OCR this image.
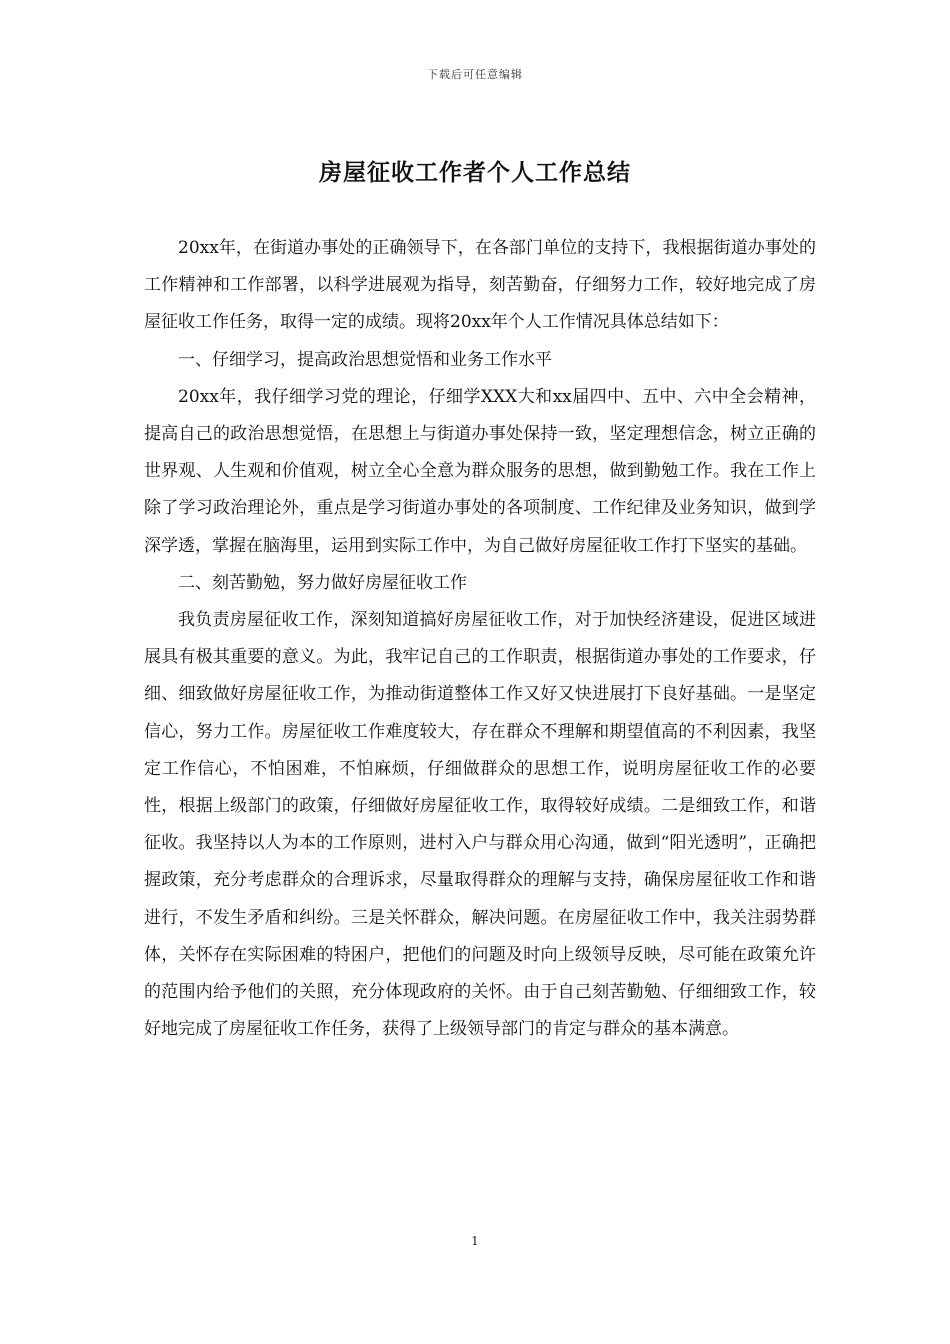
下载后可任意编辑
房屋征收工作者个人工作总结

20xx年，在街道办事处的正确领导下，在各部门单位的支持下，我根据街道办事处的工作精神和工作部署，以科学进展观为指导，刻苦勤奋，仔细努力工作，较好地完成了房屋征收工作任务，取得一定的成绩。现将20xx年个人工作情况具体总结如下：

一、仔细学习，提高政治思想觉悟和业务工作水平

20xx年，我仔细学习党的理论，仔细学XXX大和xx届四中、五中、六中全会精神，提高自己的政治思想觉悟，在思想上与街道办事处保持一致，坚定理想信念，树立正确的世界观、人生观和价值观，树立全心全意为群众服务的思想，做到勤勉工作。我在工作上除了学习政治理论外，重点是学习街道办事处的各项制度、工作纪律及业务知识，做到学深学透，掌握在脑海里，运用到实际工作中，为自己做好房屋征收工作打下坚实的基础。

二、刻苦勤勉，努力做好房屋征收工作

我负责房屋征收工作，深刻知道搞好房屋征收工作，对于加快经济建设，促进区域进展具有极其重要的意义。为此，我牢记自己的工作职责，根据街道办事处的工作要求，仔细、细致做好房屋征收工作，为推动街道整体工作又好又快进展打下良好基础。一是坚定信心，努力工作。房屋征收工作难度较大，存在群众不理解和期望值高的不利因素，我坚定工作信心，不怕困难，不怕麻烦，仔细做群众的思想工作，说明房屋征收工作的必要性，根据上级部门的政策，仔细做好房屋征收工作，取得较好成绩。二是细致工作，和谐征收。我坚持以人为本的工作原则，进村入户与群众用心沟通，做到“阳光透明”，正确把握政策，充分考虑群众的合理诉求，尽量取得群众的理解与支持，确保房屋征收工作和谐进行，不发生矛盾和纠纷。三是关怀群众，解决问题。在房屋征收工作中，我关注弱势群体，关怀存在实际困难的特困户，把他们的问题及时向上级领导反映，尽可能在政策允许的范围内给予他们的关照，充分体现政府的关怀。由于自己刻苦勤勉、仔细细致工作，较好地完成了房屋征收工作任务，获得了上级领导部门的肯定与群众的基本满意。

1
